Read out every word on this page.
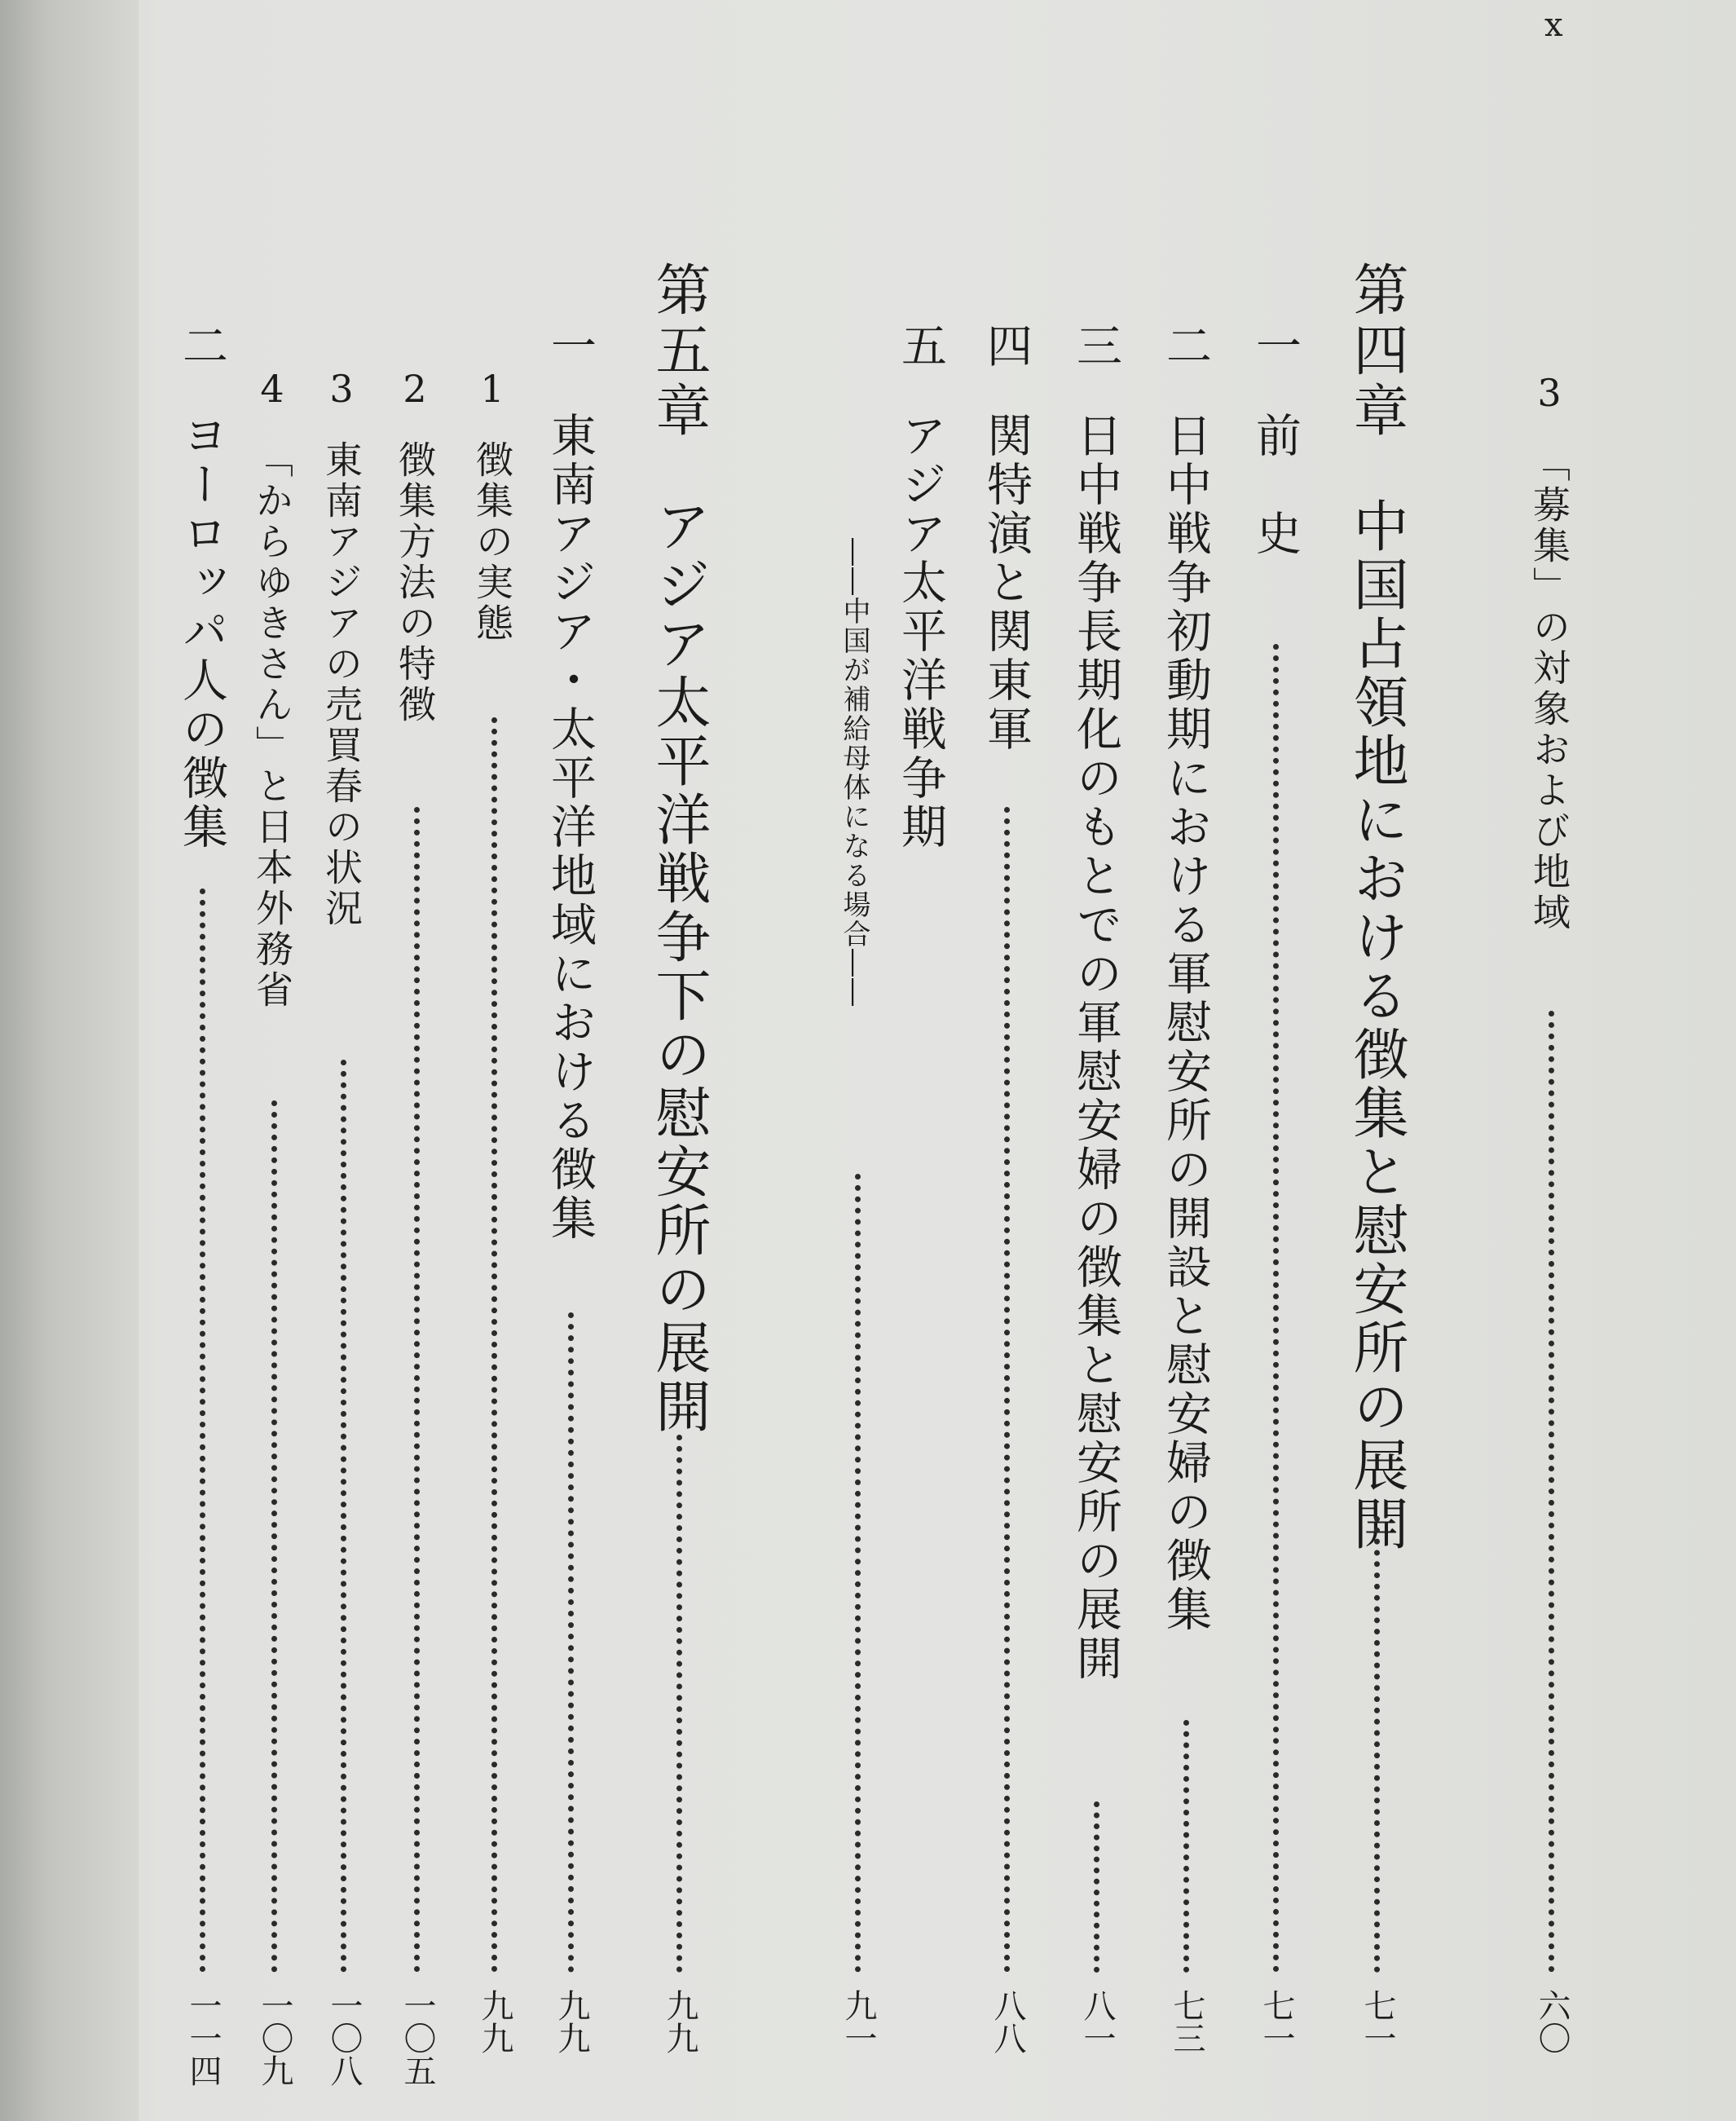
x
3
「募集」の対象および地域
六〇
第四章
中国占領地における徴集と慰安所の展開
七一
一
前　史
七一
二
日中戦争初動期における軍慰安所の開設と慰安婦の徴集
七三
三
日中戦争長期化のもとでの軍慰安婦の徴集と慰安所の展開
八一
四
関特演と関東軍
八八
五
アジア太平洋戦争期
――中国が補給母体になる場合――
九一
第五章
アジア太平洋戦争下の慰安所の展開
九九
一
東南アジア・太平洋地域における徴集
九九
1
徴集の実態
九九
2
徴集方法の特徴
一〇五
3
東南アジアの売買春の状況
一〇八
4
「からゆきさん」と日本外務省
一〇九
二
ヨーロッパ人の徴集
一一四
